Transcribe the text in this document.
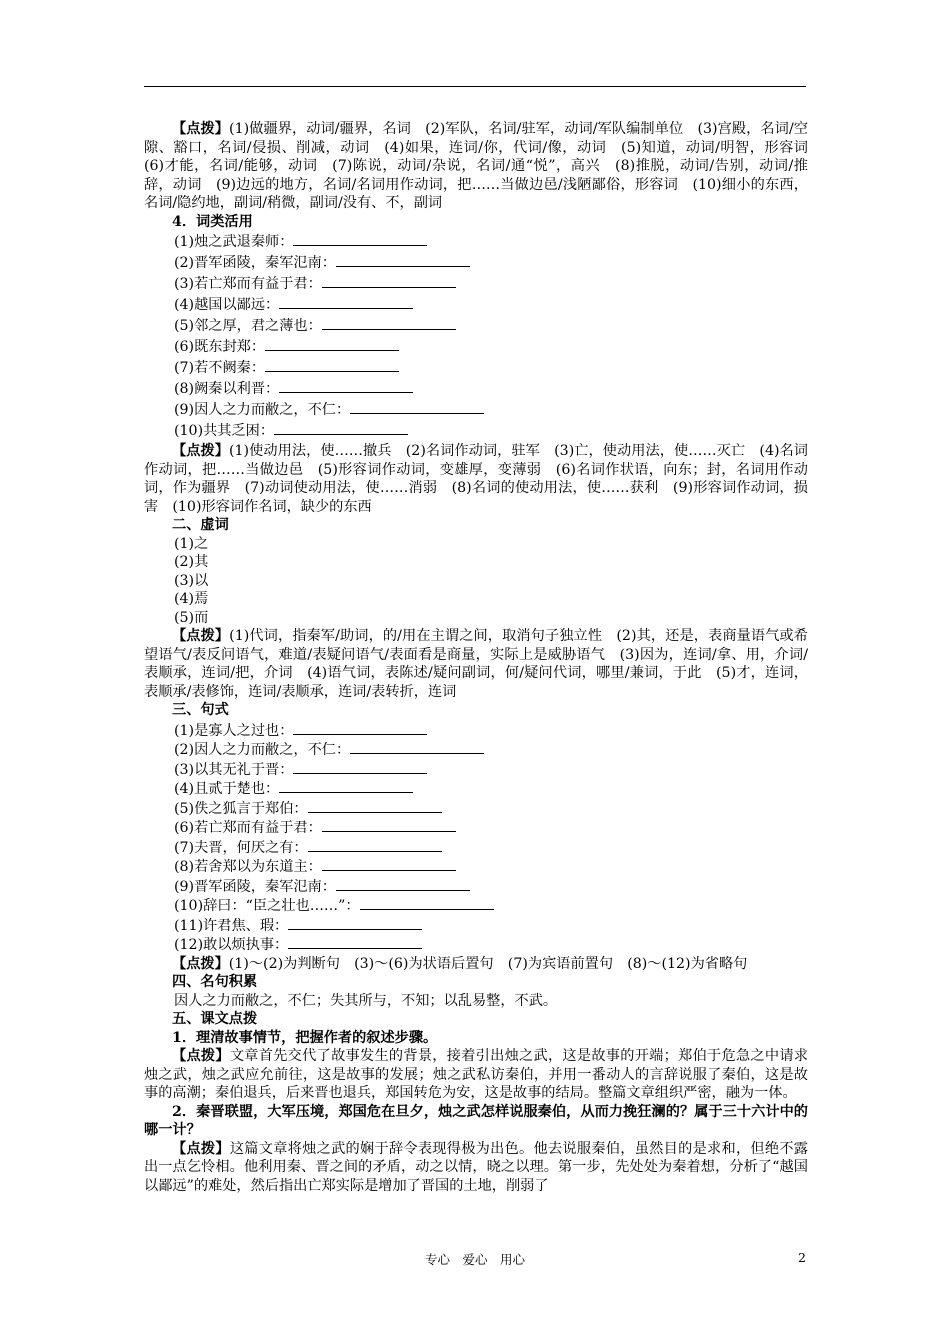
【点拨】(1)做疆界，动词/疆界，名词　(2)军队，名词/驻军，动词/军队编制单位　(3)宫殿，名词/空隙、豁口，名词/侵损、削减，动词　(4)如果，连词/你，代词/像，动词　(5)知道，动词/明智，形容词　(6)才能，名词/能够，动词　(7)陈说，动词/杂说，名词/通“悦”，高兴　(8)推脱，动词/告别，动词/推辞，动词　(9)边远的地方，名词/名词用作动词，把……当做边邑/浅陋鄙俗，形容词　(10)细小的东西，名词/隐约地，副词/稍微，副词/没有、不，副词

4．词类活用

(1)烛之武退秦师：

(2)晋军函陵，秦军氾南：

(3)若亡郑而有益于君：

(4)越国以鄙远：

(5)邻之厚，君之薄也：

(6)既东封郑：

(7)若不阙秦：

(8)阙秦以利晋：

(9)因人之力而敝之，不仁：

(10)共其乏困：

【点拨】(1)使动用法，使……撤兵　(2)名词作动词，驻军　(3)亡，使动用法，使……灭亡　(4)名词作动词，把……当做边邑　(5)形容词作动词，变雄厚，变薄弱　(6)名词作状语，向东；封，名词用作动词，作为疆界　(7)动词使动用法，使……消弱　(8)名词的使动用法，使……获利　(9)形容词作动词，损害　(10)形容词作名词，缺少的东西

二、虚词

(1)之

(2)其

(3)以

(4)焉

(5)而

【点拨】(1)代词，指秦军/助词，的/用在主谓之间，取消句子独立性　(2)其，还是，表商量语气或希望语气/表反问语气，难道/表疑问语气/表面看是商量，实际上是威胁语气　(3)因为，连词/拿、用，介词/表顺承，连词/把，介词　(4)语气词，表陈述/疑问副词，何/疑问代词，哪里/兼词，于此　(5)才，连词，表顺承/表修饰，连词/表顺承，连词/表转折，连词

三、句式

(1)是寡人之过也：

(2)因人之力而敝之，不仁：

(3)以其无礼于晋：

(4)且贰于楚也：

(5)佚之狐言于郑伯：

(6)若亡郑而有益于君：

(7)夫晋，何厌之有：

(8)若舍郑以为东道主：

(9)晋军函陵，秦军氾南：

(10)辞曰：“臣之壮也……”：

(11)许君焦、瑕：

(12)敢以烦执事：

【点拨】(1)～(2)为判断句　(3)～(6)为状语后置句　(7)为宾语前置句　(8)～(12)为省略句

四、名句积累

因人之力而敝之，不仁；失其所与，不知；以乱易整，不武。

五、课文点拨

1．理清故事情节，把握作者的叙述步骤。

【点拨】文章首先交代了故事发生的背景，接着引出烛之武，这是故事的开端；郑伯于危急之中请求烛之武，烛之武应允前往，这是故事的发展；烛之武私访秦伯，并用一番动人的言辞说服了秦伯，这是故事的高潮；秦伯退兵，后来晋也退兵，郑国转危为安，这是故事的结局。整篇文章组织严密，融为一体。

2．秦晋联盟，大军压境，郑国危在旦夕，烛之武怎样说服秦伯，从而力挽狂澜的？属于三十六计中的哪一计？

【点拨】这篇文章将烛之武的娴于辞令表现得极为出色。他去说服秦伯，虽然目的是求和，但绝不露出一点乞怜相。他利用秦、晋之间的矛盾，动之以情，晓之以理。第一步，先处处为秦着想，分析了“越国以鄙远”的难处，然后指出亡郑实际是增加了晋国的土地，削弱了

专心　爱心　用心	2
